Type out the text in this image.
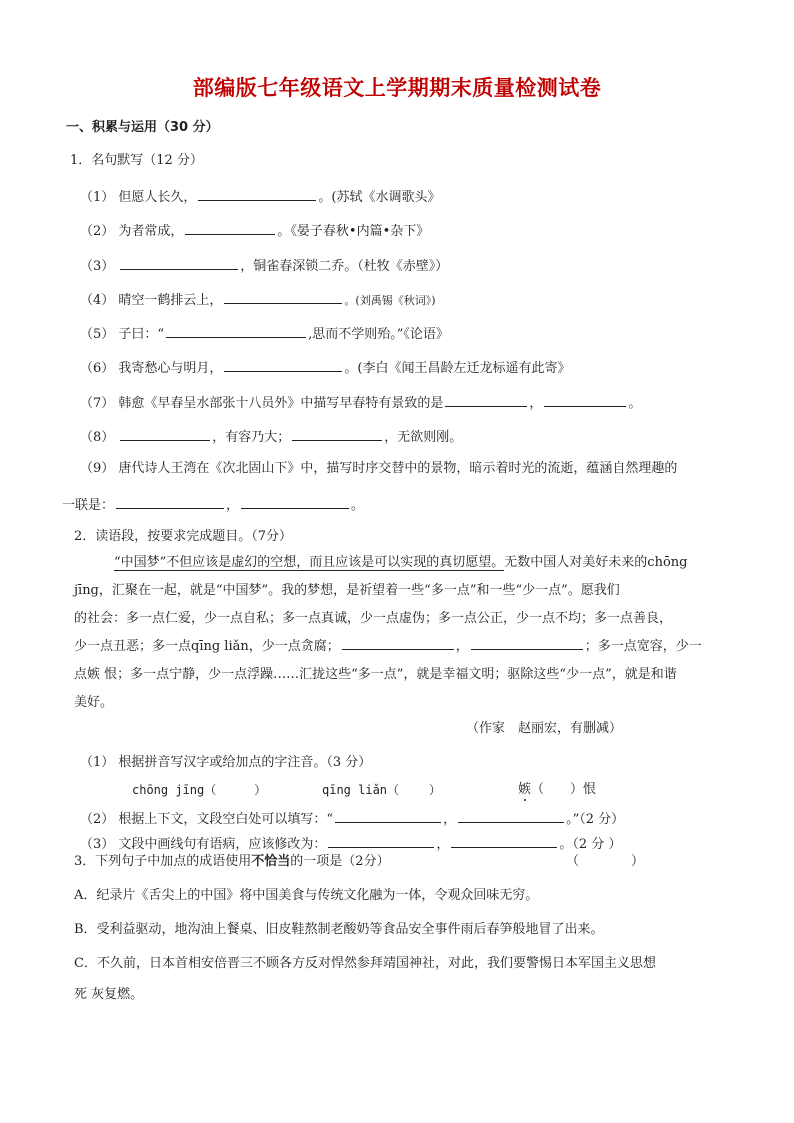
部编版七年级语文上学期期末质量检测试卷
一、积累与运用（30 分）
1．名句默写（12 分）
（1） 但愿人长久，	。(苏轼《水调歌头》
（2） 为者常成，	。《晏子春秋•内篇•杂下》
（3）	，铜雀春深锁二乔。（杜牧《赤壁》）
（4） 晴空一鹤排云上，	。(刘禹锡《秋词》)
（5） 子曰：“	,思而不学则殆。”《论语》
（6） 我寄愁心与明月，	。(李白《闻王昌龄左迁龙标遥有此寄》
（7） 韩愈《早春呈水部张十八员外》中描写早春特有景致的是	，	。
（8）	，有容乃大；	，无欲则刚。
（9） 唐代诗人王湾在《次北固山下》中，描写时序交替中的景物，暗示着时光的流逝，蕴涵自然理趣的
一联是：	，	。
2．读语段，按要求完成题目。（7分）
“中国梦”不但应该是虚幻的空想，而且应该是可以实现的真切愿望。无数中国人对美好未来的chōng
jīng，汇聚在一起，就是“中国梦”。我的梦想，是祈望着一些“多一点”和一些“少一点”。愿我们
的社会：多一点仁爱，少一点自私；多一点真诚，少一点虚伪；多一点公正，少一点不均；多一点善良，
少一点丑恶；多一点qīng liǎn，少一点贪腐；	，	；多一点宽容，少一
点嫉 恨；多一点宁静，少一点浮躁……汇拢这些“多一点”，就是幸福文明；驱除这些“少一点”，就是和谐
美好。
（作家　赵丽宏，有删减）
（1） 根据拼音写汉字或给加点的字注音。（3 分）
chōng jīng（	）	qīng liǎn（	）	嫉（　　）恨
（2） 根据上下文，文段空白处可以填写：“	，	。”（2 分）
（3） 文段中画线句有语病，应该修改为：	，	。（2 分 ）
3．下列句子中加点的成语使用不恰当的一项是（2分）	（　　　　）
A．纪录片《舌尖上的中国》将中国美食与传统文化融为一体，令观众回味无穷。
B．受利益驱动，地沟油上餐桌、旧皮鞋熬制老酸奶等食品安全事件雨后春笋般地冒了出来。
C．不久前，日本首相安倍晋三不顾各方反对悍然参拜靖国神社，对此，我们要警惕日本军国主义思想
死 灰复燃。
